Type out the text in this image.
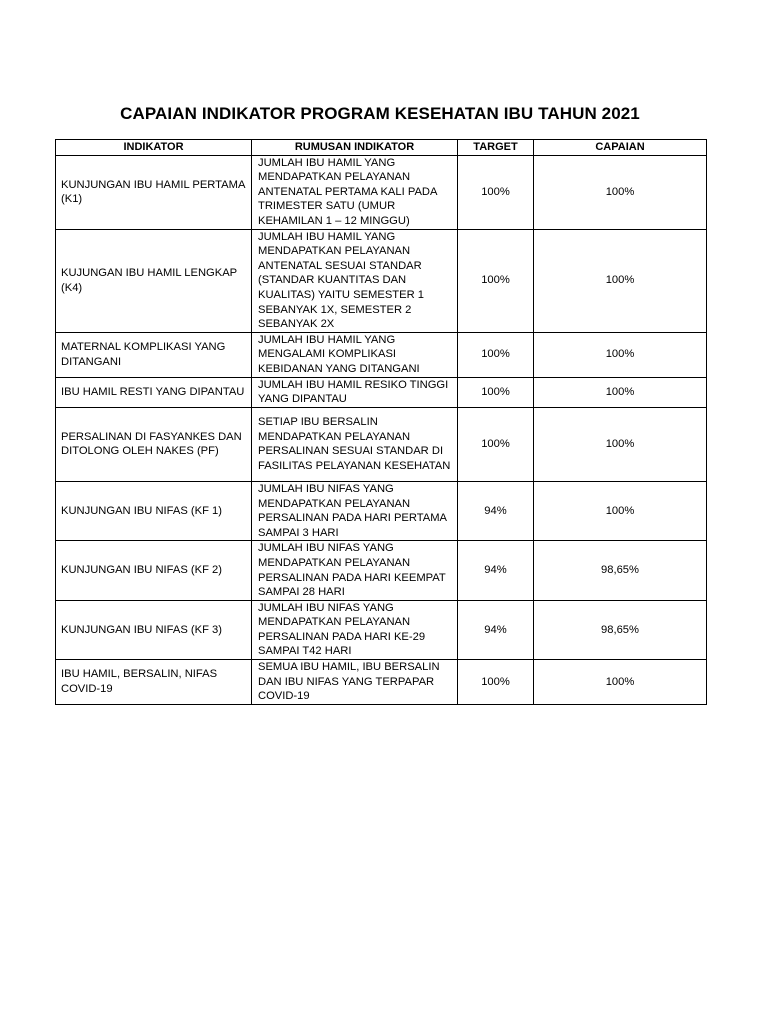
CAPAIAN INDIKATOR PROGRAM KESEHATAN IBU TAHUN 2021
INDIKATOR	RUMUSAN INDIKATOR	TARGET	CAPAIAN
KUNJUNGAN IBU HAMIL PERTAMA (K1)	JUMLAH IBU HAMIL YANG MENDAPATKAN PELAYANAN ANTENATAL PERTAMA KALI PADA TRIMESTER SATU (UMUR KEHAMILAN 1 – 12 MINGGU)	100%	100%
KUJUNGAN IBU HAMIL LENGKAP (K4)	JUMLAH IBU HAMIL YANG MENDAPATKAN PELAYANAN ANTENATAL SESUAI STANDAR (STANDAR KUANTITAS DAN KUALITAS) YAITU SEMESTER 1 SEBANYAK 1X, SEMESTER 2 SEBANYAK 2X	100%	100%
MATERNAL KOMPLIKASI YANG DITANGANI	JUMLAH IBU HAMIL YANG MENGALAMI KOMPLIKASI KEBIDANAN YANG DITANGANI	100%	100%
IBU HAMIL RESTI YANG DIPANTAU	JUMLAH IBU HAMIL RESIKO TINGGI YANG DIPANTAU	100%	100%
PERSALINAN DI FASYANKES DAN DITOLONG OLEH NAKES (PF)	SETIAP IBU BERSALIN MENDAPATKAN PELAYANAN PERSALINAN SESUAI STANDAR DI FASILITAS PELAYANAN KESEHATAN	100%	100%
KUNJUNGAN IBU NIFAS (KF 1)	JUMLAH IBU NIFAS YANG MENDAPATKAN PELAYANAN PERSALINAN PADA HARI PERTAMA SAMPAI 3 HARI	94%	100%
KUNJUNGAN IBU NIFAS (KF 2)	JUMLAH IBU NIFAS YANG MENDAPATKAN PELAYANAN PERSALINAN PADA HARI KEEMPAT SAMPAI 28 HARI	94%	98,65%
KUNJUNGAN IBU NIFAS (KF 3)	JUMLAH IBU NIFAS YANG MENDAPATKAN PELAYANAN PERSALINAN PADA HARI KE-29 SAMPAI T42 HARI	94%	98,65%
IBU HAMIL, BERSALIN, NIFAS COVID-19	SEMUA IBU HAMIL, IBU BERSALIN DAN IBU NIFAS YANG TERPAPAR COVID-19	100%	100%
